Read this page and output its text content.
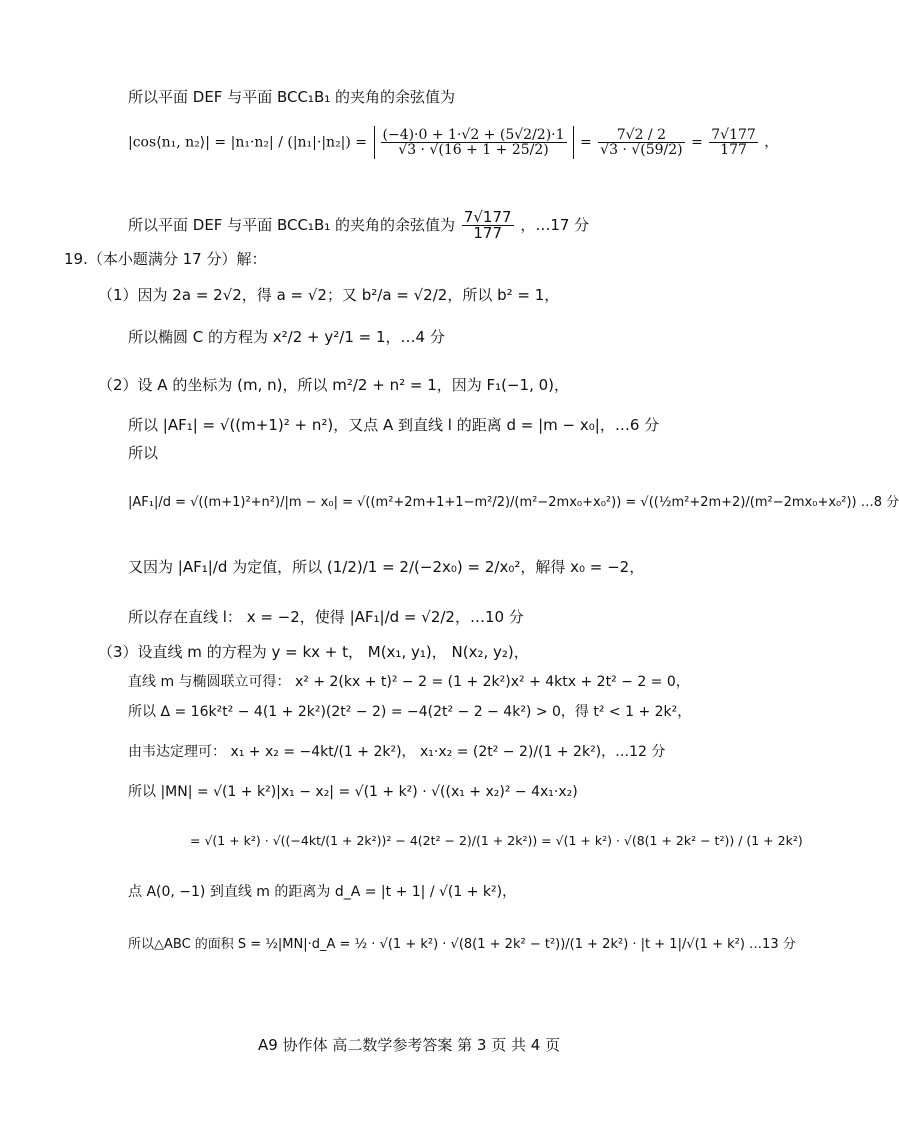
所以平面 DEF 与平面 BCC₁B₁ 的夹角的余弦值为
|cos⟨n₁, n₂⟩| = $|n_1\cdot n_2| / (|n_1|\cdot|n_2|) = \frac{(-4)\cdot 0 + 1\cdot√2 + (5√2/2)\cdot 1}{√3 \cdot √(16 + 1 + 25/2)} = \frac{7√2 / 2}{√3 \cdot √(59/2)} = \frac{7√177}{177}$ ，
所以平面 DEF 与平面 BCC₁B₁ 的夹角的余弦值为 $\frac{7√177}{177}$ ，…17 分
19.（本小题满分 17 分）解：
（1）因为 2a = 2√2，得 a = √2；又 b²/a = √2/2，所以 b² = 1，
所以椭圆 C 的方程为 x²/2 + y²/1 = 1，…4 分
（2）设 A 的坐标为 (m, n)，所以 m²/2 + n² = 1，因为 F₁(−1, 0)，
所以 |AF₁| = √((m+1)² + n²)，又点 A 到直线 l 的距离 d = |m − x₀|，…6 分
所以
|AF₁|/d = √((m+1)²+n²)/|m − x₀| = √((m²+2m+1+1−m²/2)/(m²−2mx₀+x₀²)) = √((½m²+2m+2)/(m²−2mx₀+x₀²)) …8 分
又因为 |AF₁|/d 为定值，所以 (1/2)/1 = 2/(−2x₀) = 2/x₀²，解得 x₀ = −2，
所以存在直线 l： x = −2，使得 |AF₁|/d = √2/2，…10 分
（3）设直线 m 的方程为 y = kx + t， M(x₁, y₁)， N(x₂, y₂)，
直线 m 与椭圆联立可得： x² + 2(kx + t)² − 2 = (1 + 2k²)x² + 4ktx + 2t² − 2 = 0，
所以 Δ = 16k²t² − 4(1 + 2k²)(2t² − 2) = −4(2t² − 2 − 4k²) > 0，得 t² < 1 + 2k²，
由韦达定理可： x₁ + x₂ = −4kt/(1 + 2k²)， x₁·x₂ = (2t² − 2)/(1 + 2k²)，…12 分
所以 |MN| = √(1 + k²)|x₁ − x₂| = √(1 + k²) · √((x₁ + x₂)² − 4x₁·x₂)
= √(1 + k²) · √((−4kt/(1 + 2k²))² − 4(2t² − 2)/(1 + 2k²)) = √(1 + k²) · √(8(1 + 2k² − t²)) / (1 + 2k²)
点 A(0, −1) 到直线 m 的距离为 d_A = |t + 1| / √(1 + k²)，
所以△ABC 的面积 S = ½|MN|·d_A = ½ · √(1 + k²) · √(8(1 + 2k² − t²))/(1 + 2k²) · |t + 1|/√(1 + k²) …13 分
A9 协作体 高二数学参考答案 第 3 页 共 4 页
